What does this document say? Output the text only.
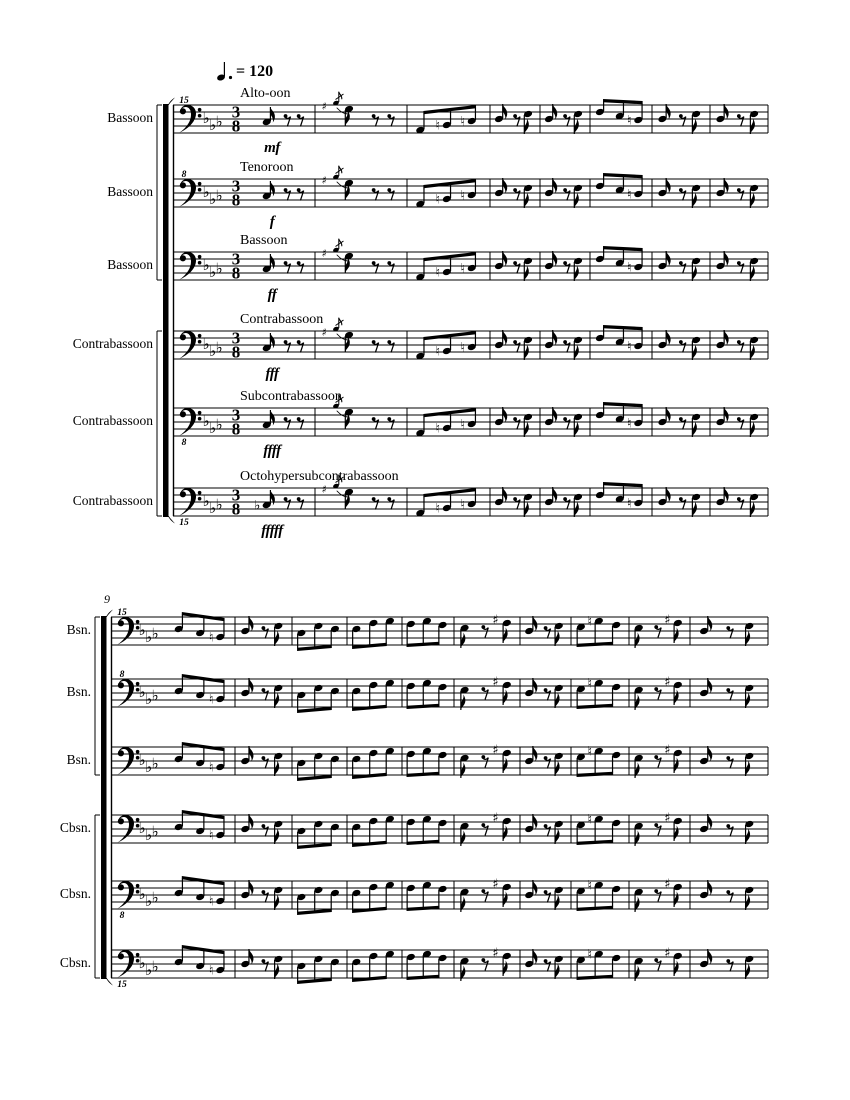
15
♭ ♭ ♭ 3
8
♯
♮ ♮	♮
8
♭ ♭ ♭ 3
8
♯
♮ ♮	♮
♭ ♭ ♭ 3
8
♯
♮ ♮	♮
♭ ♭ ♭ 3
8
♯
♮ ♮	♮
8
♭ ♭ ♭ 3
8	♮ ♮	♮
15
♭ ♭ ♭ 3
8 ♭
♯
♮ ♮	♮
15
♭ ♭ ♭	♮
♯	♮	♯
8
♭ ♭ ♭	♮
♯	♮	♯
♭ ♭ ♭	♮
♯	♮	♯
♭ ♭ ♭	♮
♯	♮	♯
8
♭ ♭ ♭	♮
♯	♮	♯
15
♭ ♭ ♭	♮
♯	♮	♯
= 120
9
Bassoon
Alto-oon
mf
Bassoon
Tenoroon
f
Bassoon
Bassoon
ff
Contrabassoon
Contrabassoon
fff
Contrabassoon
Subcontrabassoon
ffff
Contrabassoon
Octohypersubcontrabassoon
fffff
Bsn.
Bsn.
Bsn.
Cbsn.
Cbsn.
Cbsn.
